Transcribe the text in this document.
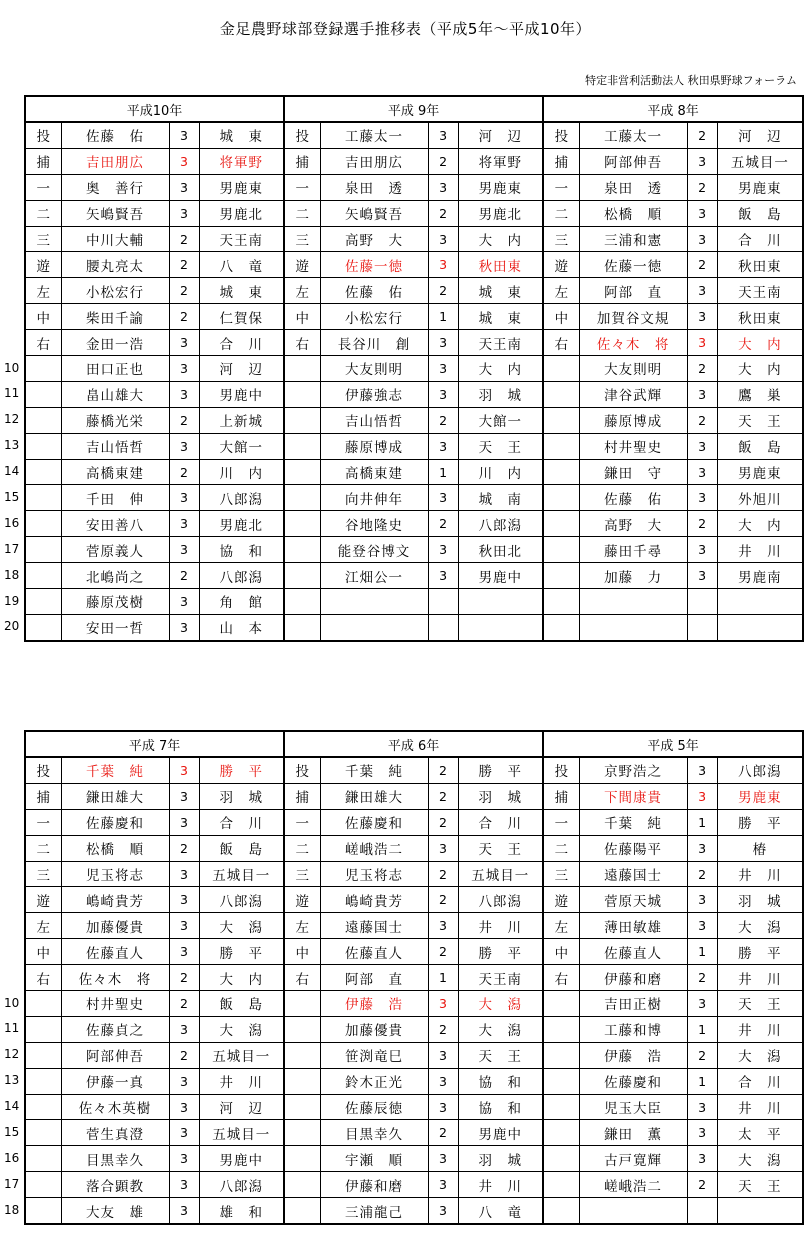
金足農野球部登録選手推移表（平成5年～平成10年）
特定非営利活動法人 秋田県野球フォーラム
10
11
12
13
14
15
16
17
18
19
20
10
11
12
13
14
15
16
17
18
平成10年				平成 9年				平成 8年			
投	佐藤　佑	3	城　東	投	工藤太一	3	河　辺	投	工藤太一	2	河　辺
捕	吉田朋広	3	将軍野	捕	吉田朋広	2	将軍野	捕	阿部伸吾	3	五城目一
一	奥　善行	3	男鹿東	一	泉田　透	3	男鹿東	一	泉田　透	2	男鹿東
二	矢嶋賢吾	3	男鹿北	二	矢嶋賢吾	2	男鹿北	二	松橋　順	3	飯　島
三	中川大輔	2	天王南	三	高野　大	3	大　内	三	三浦和憲	3	合　川
遊	腰丸亮太	2	八　竜	遊	佐藤一徳	3	秋田東	遊	佐藤一徳	2	秋田東
左	小松宏行	2	城　東	左	佐藤　佑	2	城　東	左	阿部　直	3	天王南
中	柴田千諭	2	仁賀保	中	小松宏行	1	城　東	中	加賀谷文規	3	秋田東
右	金田一浩	3	合　川	右	長谷川　創	3	天王南	右	佐々木　将	3	大　内
	田口正也	3	河　辺		大友則明	3	大　内		大友則明	2	大　内
	畠山雄大	3	男鹿中		伊藤強志	3	羽　城		津谷武輝	3	鷹　巣
	藤橋光栄	2	上新城		吉山悟哲	2	大館一		藤原博成	2	天　王
	吉山悟哲	3	大館一		藤原博成	3	天　王		村井聖史	3	飯　島
	高橋東建	2	川　内		高橋東建	1	川　内		鎌田　守	3	男鹿東
	千田　伸	3	八郎潟		向井伸年	3	城　南		佐藤　佑	3	外旭川
	安田善八	3	男鹿北		谷地隆史	2	八郎潟		高野　大	2	大　内
	菅原義人	3	協　和		能登谷博文	3	秋田北		藤田千尋	3	井　川
	北嶋尚之	2	八郎潟		江畑公一	3	男鹿中		加藤　力	3	男鹿南
	藤原茂樹	3	角　館								
	安田一哲	3	山　本								
平成 7年				平成 6年				平成 5年			
投	千葉　純	3	勝　平	投	千葉　純	2	勝　平	投	京野浩之	3	八郎潟
捕	鎌田雄大	3	羽　城	捕	鎌田雄大	2	羽　城	捕	下間康貴	3	男鹿東
一	佐藤慶和	3	合　川	一	佐藤慶和	2	合　川	一	千葉　純	1	勝　平
二	松橋　順	2	飯　島	二	嵯峨浩二	3	天　王	二	佐藤陽平	3	椿
三	児玉将志	3	五城目一	三	児玉将志	2	五城目一	三	遠藤国士	2	井　川
遊	嶋崎貴芳	3	八郎潟	遊	嶋崎貴芳	2	八郎潟	遊	菅原天城	3	羽　城
左	加藤優貴	3	大　潟	左	遠藤国士	3	井　川	左	薄田敏雄	3	大　潟
中	佐藤直人	3	勝　平	中	佐藤直人	2	勝　平	中	佐藤直人	1	勝　平
右	佐々木　将	2	大　内	右	阿部　直	1	天王南	右	伊藤和磨	2	井　川
	村井聖史	2	飯　島		伊藤　浩	3	大　潟		吉田正樹	3	天　王
	佐藤貞之	3	大　潟		加藤優貴	2	大　潟		工藤和博	1	井　川
	阿部伸吾	2	五城目一		笹渕竜巳	3	天　王		伊藤　浩	2	大　潟
	伊藤一真	3	井　川		鈴木正光	3	協　和		佐藤慶和	1	合　川
	佐々木英樹	3	河　辺		佐藤辰徳	3	協　和		児玉大臣	3	井　川
	菅生真澄	3	五城目一		目黒幸久	2	男鹿中		鎌田　薫	3	太　平
	目黒幸久	3	男鹿中		宇瀬　順	3	羽　城		古戸寛輝	3	大　潟
	落合顕教	3	八郎潟		伊藤和磨	3	井　川		嵯峨浩二	2	天　王
	大友　雄	3	雄　和		三浦龍己	3	八　竜				
